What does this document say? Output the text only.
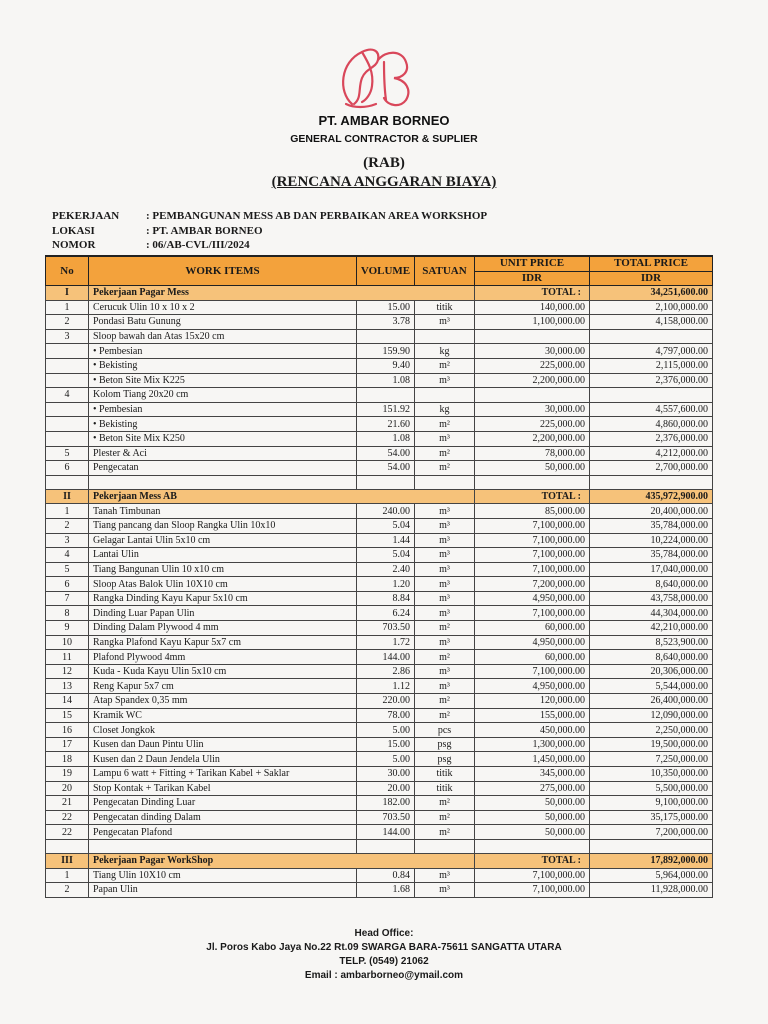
PT. AMBAR BORNEO
GENERAL CONTRACTOR & SUPLIER
(RAB)
(RENCANA ANGGARAN BIAYA)
PEKERJAAN	: PEMBANGUNAN MESS AB DAN PERBAIKAN AREA WORKSHOP
LOKASI	: PT. AMBAR BORNEO
NOMOR	: 06/AB-CVL/III/2024
No	WORK ITEMS	VOLUME	SATUAN	UNIT PRICE	TOTAL PRICE
				IDR	IDR
I	Pekerjaan Pagar Mess			TOTAL :	34,251,600.00
1	Cerucuk Ulin 10 x 10 x 2	15.00	titik	140,000.00	2,100,000.00
2	Pondasi Batu Gunung	3.78	m³	1,100,000.00	4,158,000.00
3	Sloop bawah dan Atas 15x20 cm				
	• Pembesian	159.90	kg	30,000.00	4,797,000.00
	• Bekisting	9.40	m²	225,000.00	2,115,000.00
	• Beton Site Mix K225	1.08	m³	2,200,000.00	2,376,000.00
4	Kolom Tiang 20x20 cm				
	• Pembesian	151.92	kg	30,000.00	4,557,600.00
	• Bekisting	21.60	m²	225,000.00	4,860,000.00
	• Beton Site Mix K250	1.08	m³	2,200,000.00	2,376,000.00
5	Plester & Aci	54.00	m²	78,000.00	4,212,000.00
6	Pengecatan	54.00	m²	50,000.00	2,700,000.00

II	Pekerjaan Mess AB			TOTAL :	435,972,900.00
1	Tanah Timbunan	240.00	m³	85,000.00	20,400,000.00
2	Tiang pancang dan Sloop Rangka Ulin 10x10	5.04	m³	7,100,000.00	35,784,000.00
3	Gelagar Lantai Ulin 5x10 cm	1.44	m³	7,100,000.00	10,224,000.00
4	Lantai Ulin	5.04	m³	7,100,000.00	35,784,000.00
5	Tiang Bangunan Ulin 10 x10 cm	2.40	m³	7,100,000.00	17,040,000.00
6	Sloop Atas Balok Ulin 10X10 cm	1.20	m³	7,200,000.00	8,640,000.00
7	Rangka Dinding Kayu Kapur 5x10 cm	8.84	m³	4,950,000.00	43,758,000.00
8	Dinding Luar Papan Ulin	6.24	m³	7,100,000.00	44,304,000.00
9	Dinding Dalam Plywood 4 mm	703.50	m²	60,000.00	42,210,000.00
10	Rangka Plafond Kayu Kapur 5x7 cm	1.72	m³	4,950,000.00	8,523,900.00
11	Plafond Plywood 4mm	144.00	m²	60,000.00	8,640,000.00
12	Kuda - Kuda Kayu Ulin 5x10 cm	2.86	m³	7,100,000.00	20,306,000.00
13	Reng Kapur 5x7 cm	1.12	m³	4,950,000.00	5,544,000.00
14	Atap Spandex 0,35 mm	220.00	m²	120,000.00	26,400,000.00
15	Kramik WC	78.00	m²	155,000.00	12,090,000.00
16	Closet Jongkok	5.00	pcs	450,000.00	2,250,000.00
17	Kusen dan Daun Pintu Ulin	15.00	psg	1,300,000.00	19,500,000.00
18	Kusen dan 2 Daun Jendela Ulin	5.00	psg	1,450,000.00	7,250,000.00
19	Lampu 6 watt + Fitting + Tarikan Kabel + Saklar	30.00	titik	345,000.00	10,350,000.00
20	Stop Kontak + Tarikan Kabel	20.00	titik	275,000.00	5,500,000.00
21	Pengecatan Dinding Luar	182.00	m²	50,000.00	9,100,000.00
22	Pengecatan dinding Dalam	703.50	m²	50,000.00	35,175,000.00
22	Pengecatan Plafond	144.00	m²	50,000.00	7,200,000.00

III	Pekerjaan Pagar WorkShop			TOTAL :	17,892,000.00
1	Tiang Ulin 10X10 cm	0.84	m³	7,100,000.00	5,964,000.00
2	Papan Ulin	1.68	m³	7,100,000.00	11,928,000.00
Head Office:
Jl. Poros Kabo Jaya No.22 Rt.09 SWARGA BARA-75611 SANGATTA UTARA
TELP. (0549) 21062
Email : ambarborneo@ymail.com
